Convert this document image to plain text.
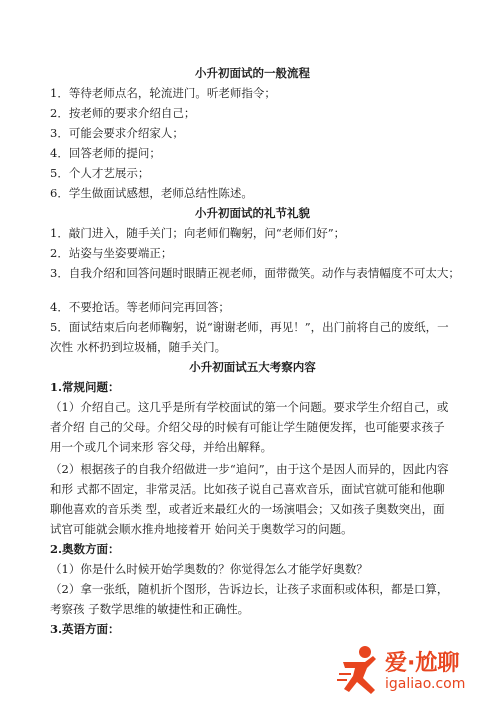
小升初面试的一般流程
1．等待老师点名，轮流进门。听老师指令；
2．按老师的要求介绍自己；
3．可能会要求介绍家人；
4．回答老师的提问；
5．个人才艺展示；
6．学生做面试感想，老师总结性陈述。
小升初面试的礼节礼貌
1．敲门进入，随手关门；向老师们鞠躬，问“老师们好”；
2．站姿与坐姿要端正；
3．自我介绍和回答问题时眼睛正视老师，面带微笑。动作与表情幅度不可太大；
4．不要抢话。等老师问完再回答；
5．面试结束后向老师鞠躬，说“谢谢老师，再见！”，出门前将自己的废纸，一
次性 水杯扔到垃圾桶，随手关门。
小升初面试五大考察内容
1.常规问题：
（1）介绍自己。这几乎是所有学校面试的第一个问题。要求学生介绍自己，或
者介绍 自己的父母。介绍父母的时候有可能让学生随便发挥，也可能要求孩子
用一个或几个词来形 容父母，并给出解释。
（2）根据孩子的自我介绍做进一步“追问”，由于这个是因人而异的，因此内容
和形 式都不固定，非常灵活。比如孩子说自己喜欢音乐，面试官就可能和他聊
聊他喜欢的音乐类 型，或者近来最红火的一场演唱会；又如孩子奥数突出，面
试官可能就会顺水推舟地接着开 始问关于奥数学习的问题。
2.奥数方面：
（1）你是什么时候开始学奥数的？你觉得怎么才能学好奥数？
（2）拿一张纸，随机折个图形，告诉边长，让孩子求面积或体积，都是口算，
考察孩 子数学思维的敏捷性和正确性。
3.英语方面：
爱·尬聊
igaliao.com
